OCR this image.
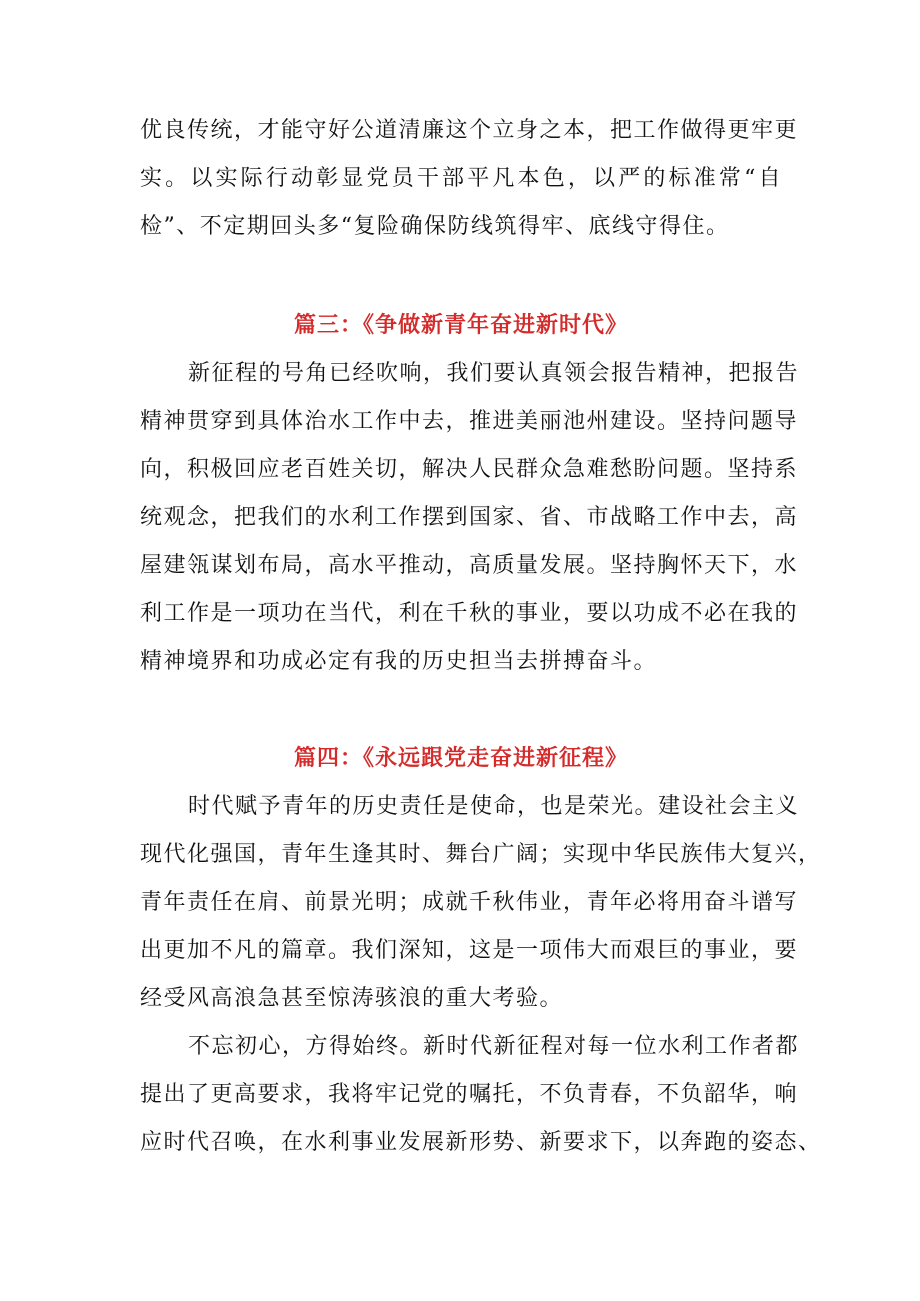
优良传统，才能守好公道清廉这个立身之本，把工作做得更牢更
实。以实际行动彰显党员干部平凡本色，以严的标准常“自
检”、不定期回头多“复险确保防线筑得牢、底线守得住。
篇三：《争做新青年奋进新时代》
新征程的号角已经吹响，我们要认真领会报告精神，把报告
精神贯穿到具体治水工作中去，推进美丽池州建设。坚持问题导
向，积极回应老百姓关切，解决人民群众急难愁盼问题。坚持系
统观念，把我们的水利工作摆到国家、省、市战略工作中去，高
屋建瓴谋划布局，高水平推动，高质量发展。坚持胸怀天下，水
利工作是一项功在当代，利在千秋的事业，要以功成不必在我的
精神境界和功成必定有我的历史担当去拼搏奋斗。
篇四：《永远跟党走奋进新征程》
时代赋予青年的历史责任是使命，也是荣光。建设社会主义
现代化强国，青年生逢其时、舞台广阔；实现中华民族伟大复兴，
青年责任在肩、前景光明；成就千秋伟业，青年必将用奋斗谱写
出更加不凡的篇章。我们深知，这是一项伟大而艰巨的事业，要
经受风高浪急甚至惊涛骇浪的重大考验。
不忘初心，方得始终。新时代新征程对每一位水利工作者都
提出了更高要求，我将牢记党的嘱托，不负青春，不负韶华，响
应时代召唤，在水利事业发展新形势、新要求下，以奔跑的姿态、
